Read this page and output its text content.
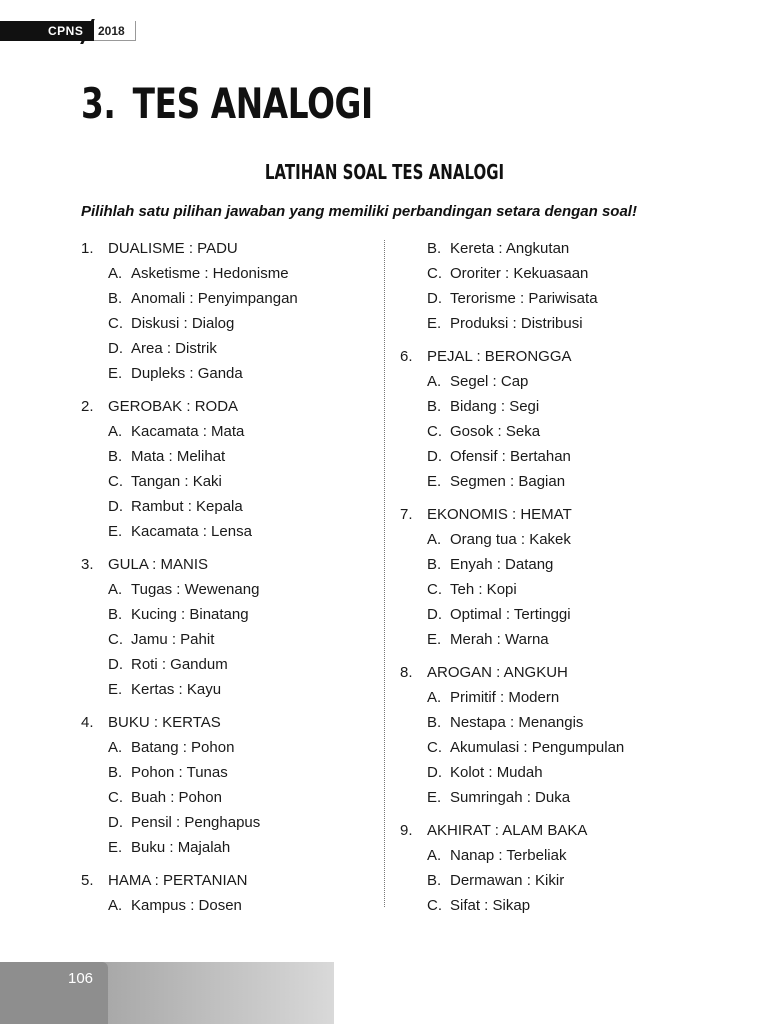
CPNS	2018
3. TES ANALOGI
LATIHAN SOAL TES ANALOGI
Pilihlah satu pilihan jawaban yang memiliki perbandingan setara dengan soal!
1. DUALISME : PADU
A. Asketisme : Hedonisme
B. Anomali : Penyimpangan
C. Diskusi : Dialog
D. Area : Distrik
E. Dupleks : Ganda
2. GEROBAK : RODA
A. Kacamata : Mata
B. Mata : Melihat
C. Tangan : Kaki
D. Rambut : Kepala
E. Kacamata : Lensa
3. GULA : MANIS
A. Tugas : Wewenang
B. Kucing : Binatang
C. Jamu : Pahit
D. Roti : Gandum
E. Kertas : Kayu
4. BUKU : KERTAS
A. Batang : Pohon
B. Pohon : Tunas
C. Buah : Pohon
D. Pensil : Penghapus
E. Buku : Majalah
5. HAMA : PERTANIAN
A. Kampus : Dosen
B. Kereta : Angkutan
C. Ororiter : Kekuasaan
D. Terorisme : Pariwisata
E. Produksi : Distribusi
6. PEJAL : BERONGGA
A. Segel : Cap
B. Bidang : Segi
C. Gosok : Seka
D. Ofensif : Bertahan
E. Segmen : Bagian
7. EKONOMIS : HEMAT
A. Orang tua : Kakek
B. Enyah : Datang
C. Teh : Kopi
D. Optimal : Tertinggi
E. Merah : Warna
8. AROGAN : ANGKUH
A. Primitif : Modern
B. Nestapa : Menangis
C. Akumulasi : Pengumpulan
D. Kolot : Mudah
E. Sumringah : Duka
9. AKHIRAT : ALAM BAKA
A. Nanap : Terbeliak
B. Dermawan : Kikir
C. Sifat : Sikap
106
